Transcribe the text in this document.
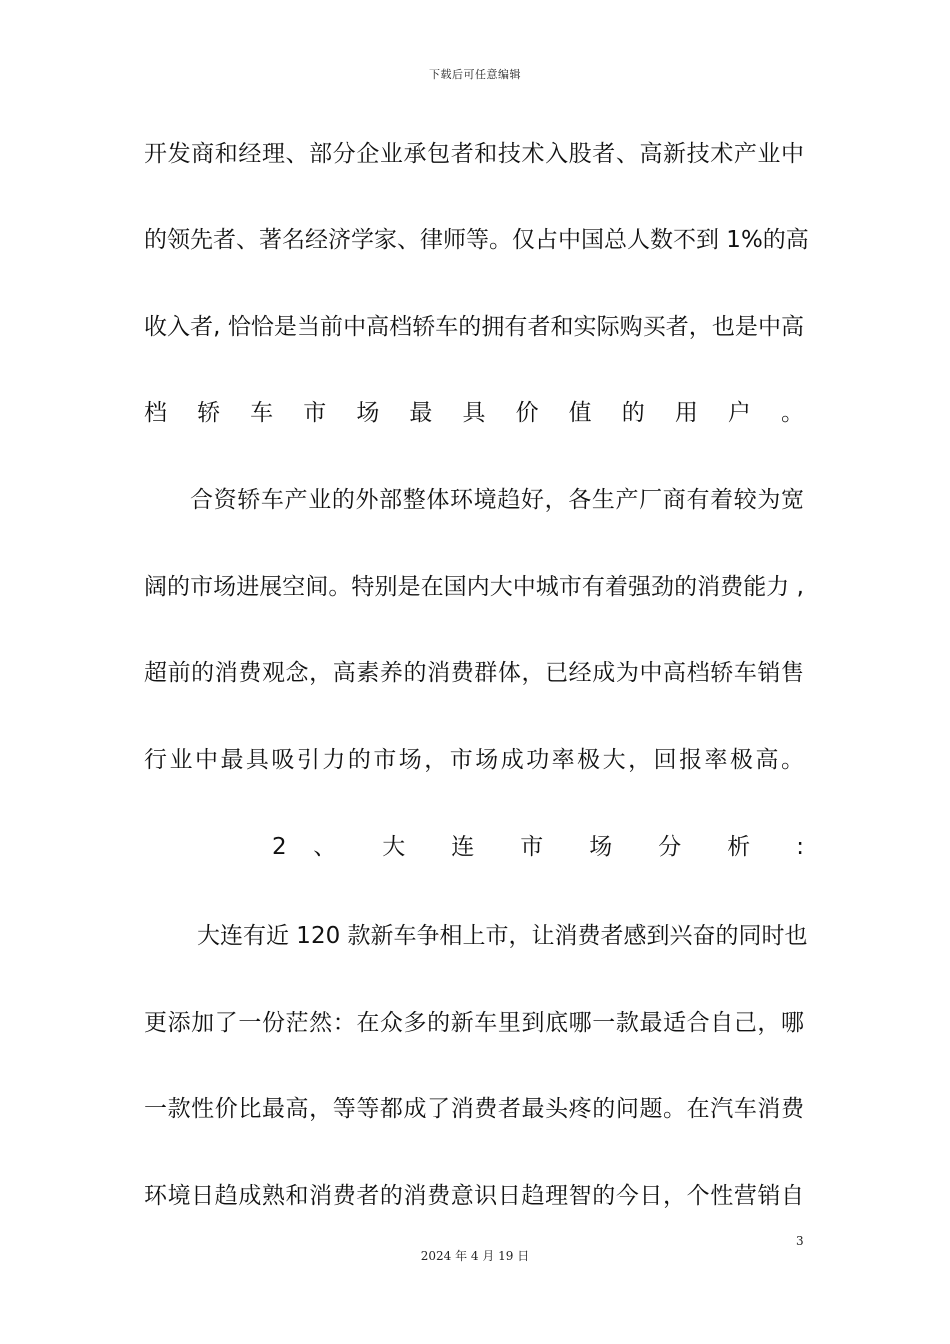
下载后可任意编辑
开发商和经理、部分企业承包者和技术入股者、高新技术产业中
的领先者、著名经济学家、律师等。仅占中国总人数不到 1%的高
收入者, 恰恰是当前中高档轿车的拥有者和实际购买者，也是中高
档 轿 车 市 场 最 具 价 值 的 用 户 。
合资轿车产业的外部整体环境趋好，各生产厂商有着较为宽
阔的市场进展空间。特别是在国内大中城市有着强劲的消费能力 ,
超前的消费观念，高素养的消费群体，已经成为中高档轿车销售
行业中最具吸引力的市场，市场成功率极大，回报率极高。
2 、 大 连 市 场 分 析 :
大连有近 120 款新车争相上市，让消费者感到兴奋的同时也
更添加了一份茫然：在众多的新车里到底哪一款最适合自己，哪
一款性价比最高，等等都成了消费者最头疼的问题。在汽车消费
环境日趋成熟和消费者的消费意识日趋理智的今日，个性营销自
3
2024 年 4 月 19 日
